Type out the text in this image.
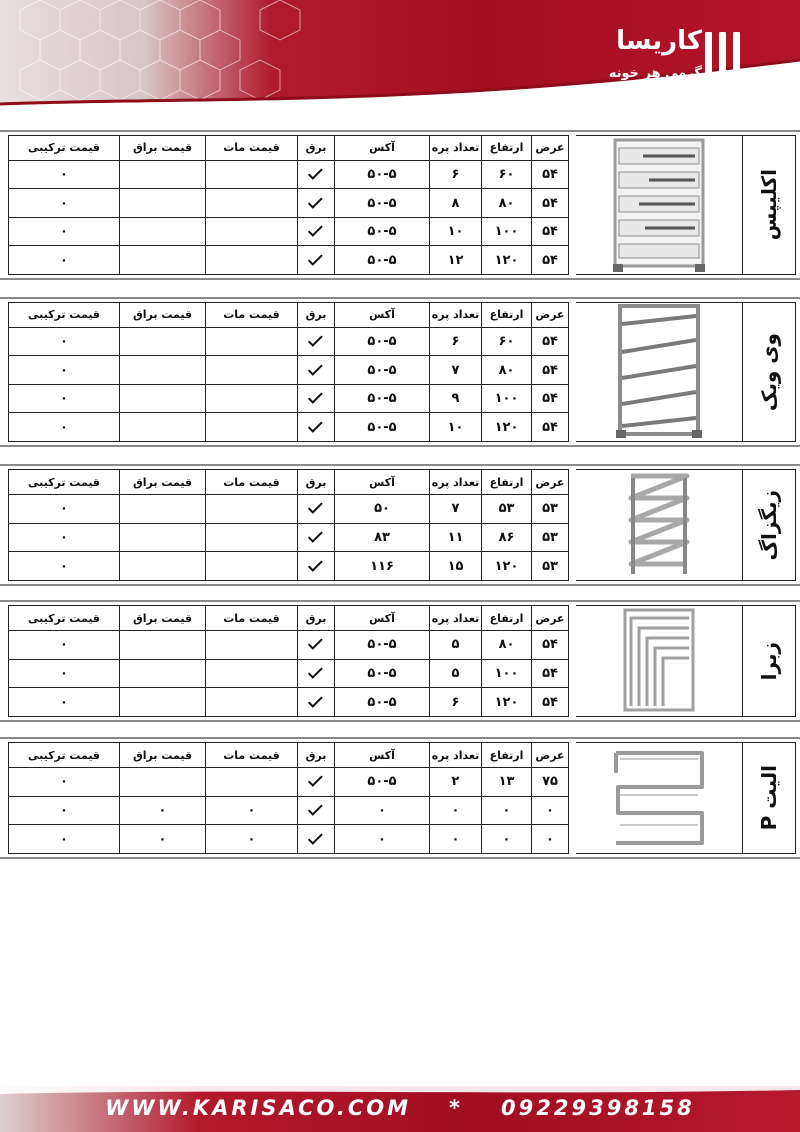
کاریسا
گرمی هر خونه
عرض	ارتفاع	تعداد پره	آکس	برق	قیمت مات	قیمت براق	قیمت ترکیبی
۵۴	۶۰	۶	۵۰-۵				۰
۵۴	۸۰	۸	۵۰-۵				۰
۵۴	۱۰۰	۱۰	۵۰-۵				۰
۵۴	۱۲۰	۱۲	۵۰-۵				۰
اکلیپس
عرض	ارتفاع	تعداد پره	آکس	برق	قیمت مات	قیمت براق	قیمت ترکیبی
۵۴	۶۰	۶	۵۰-۵				۰
۵۴	۸۰	۷	۵۰-۵				۰
۵۴	۱۰۰	۹	۵۰-۵				۰
۵۴	۱۲۰	۱۰	۵۰-۵				۰
وی ویک
عرض	ارتفاع	تعداد پره	آکس	برق	قیمت مات	قیمت براق	قیمت ترکیبی
۵۳	۵۳	۷	۵۰				۰
۵۳	۸۶	۱۱	۸۳				۰
۵۳	۱۲۰	۱۵	۱۱۶				۰
زیگزاگ
عرض	ارتفاع	تعداد پره	آکس	برق	قیمت مات	قیمت براق	قیمت ترکیبی
۵۴	۸۰	۵	۵۰-۵				۰
۵۴	۱۰۰	۵	۵۰-۵				۰
۵۴	۱۲۰	۶	۵۰-۵				۰
زبرا
عرض	ارتفاع	تعداد پره	آکس	برق	قیمت مات	قیمت براق	قیمت ترکیبی
۷۵	۱۳	۲	۵۰-۵				۰
۰	۰	۰	۰		۰	۰	۰
۰	۰	۰	۰		۰	۰	۰
الیت P
WWW.KARISACO.COM * 09229398158
